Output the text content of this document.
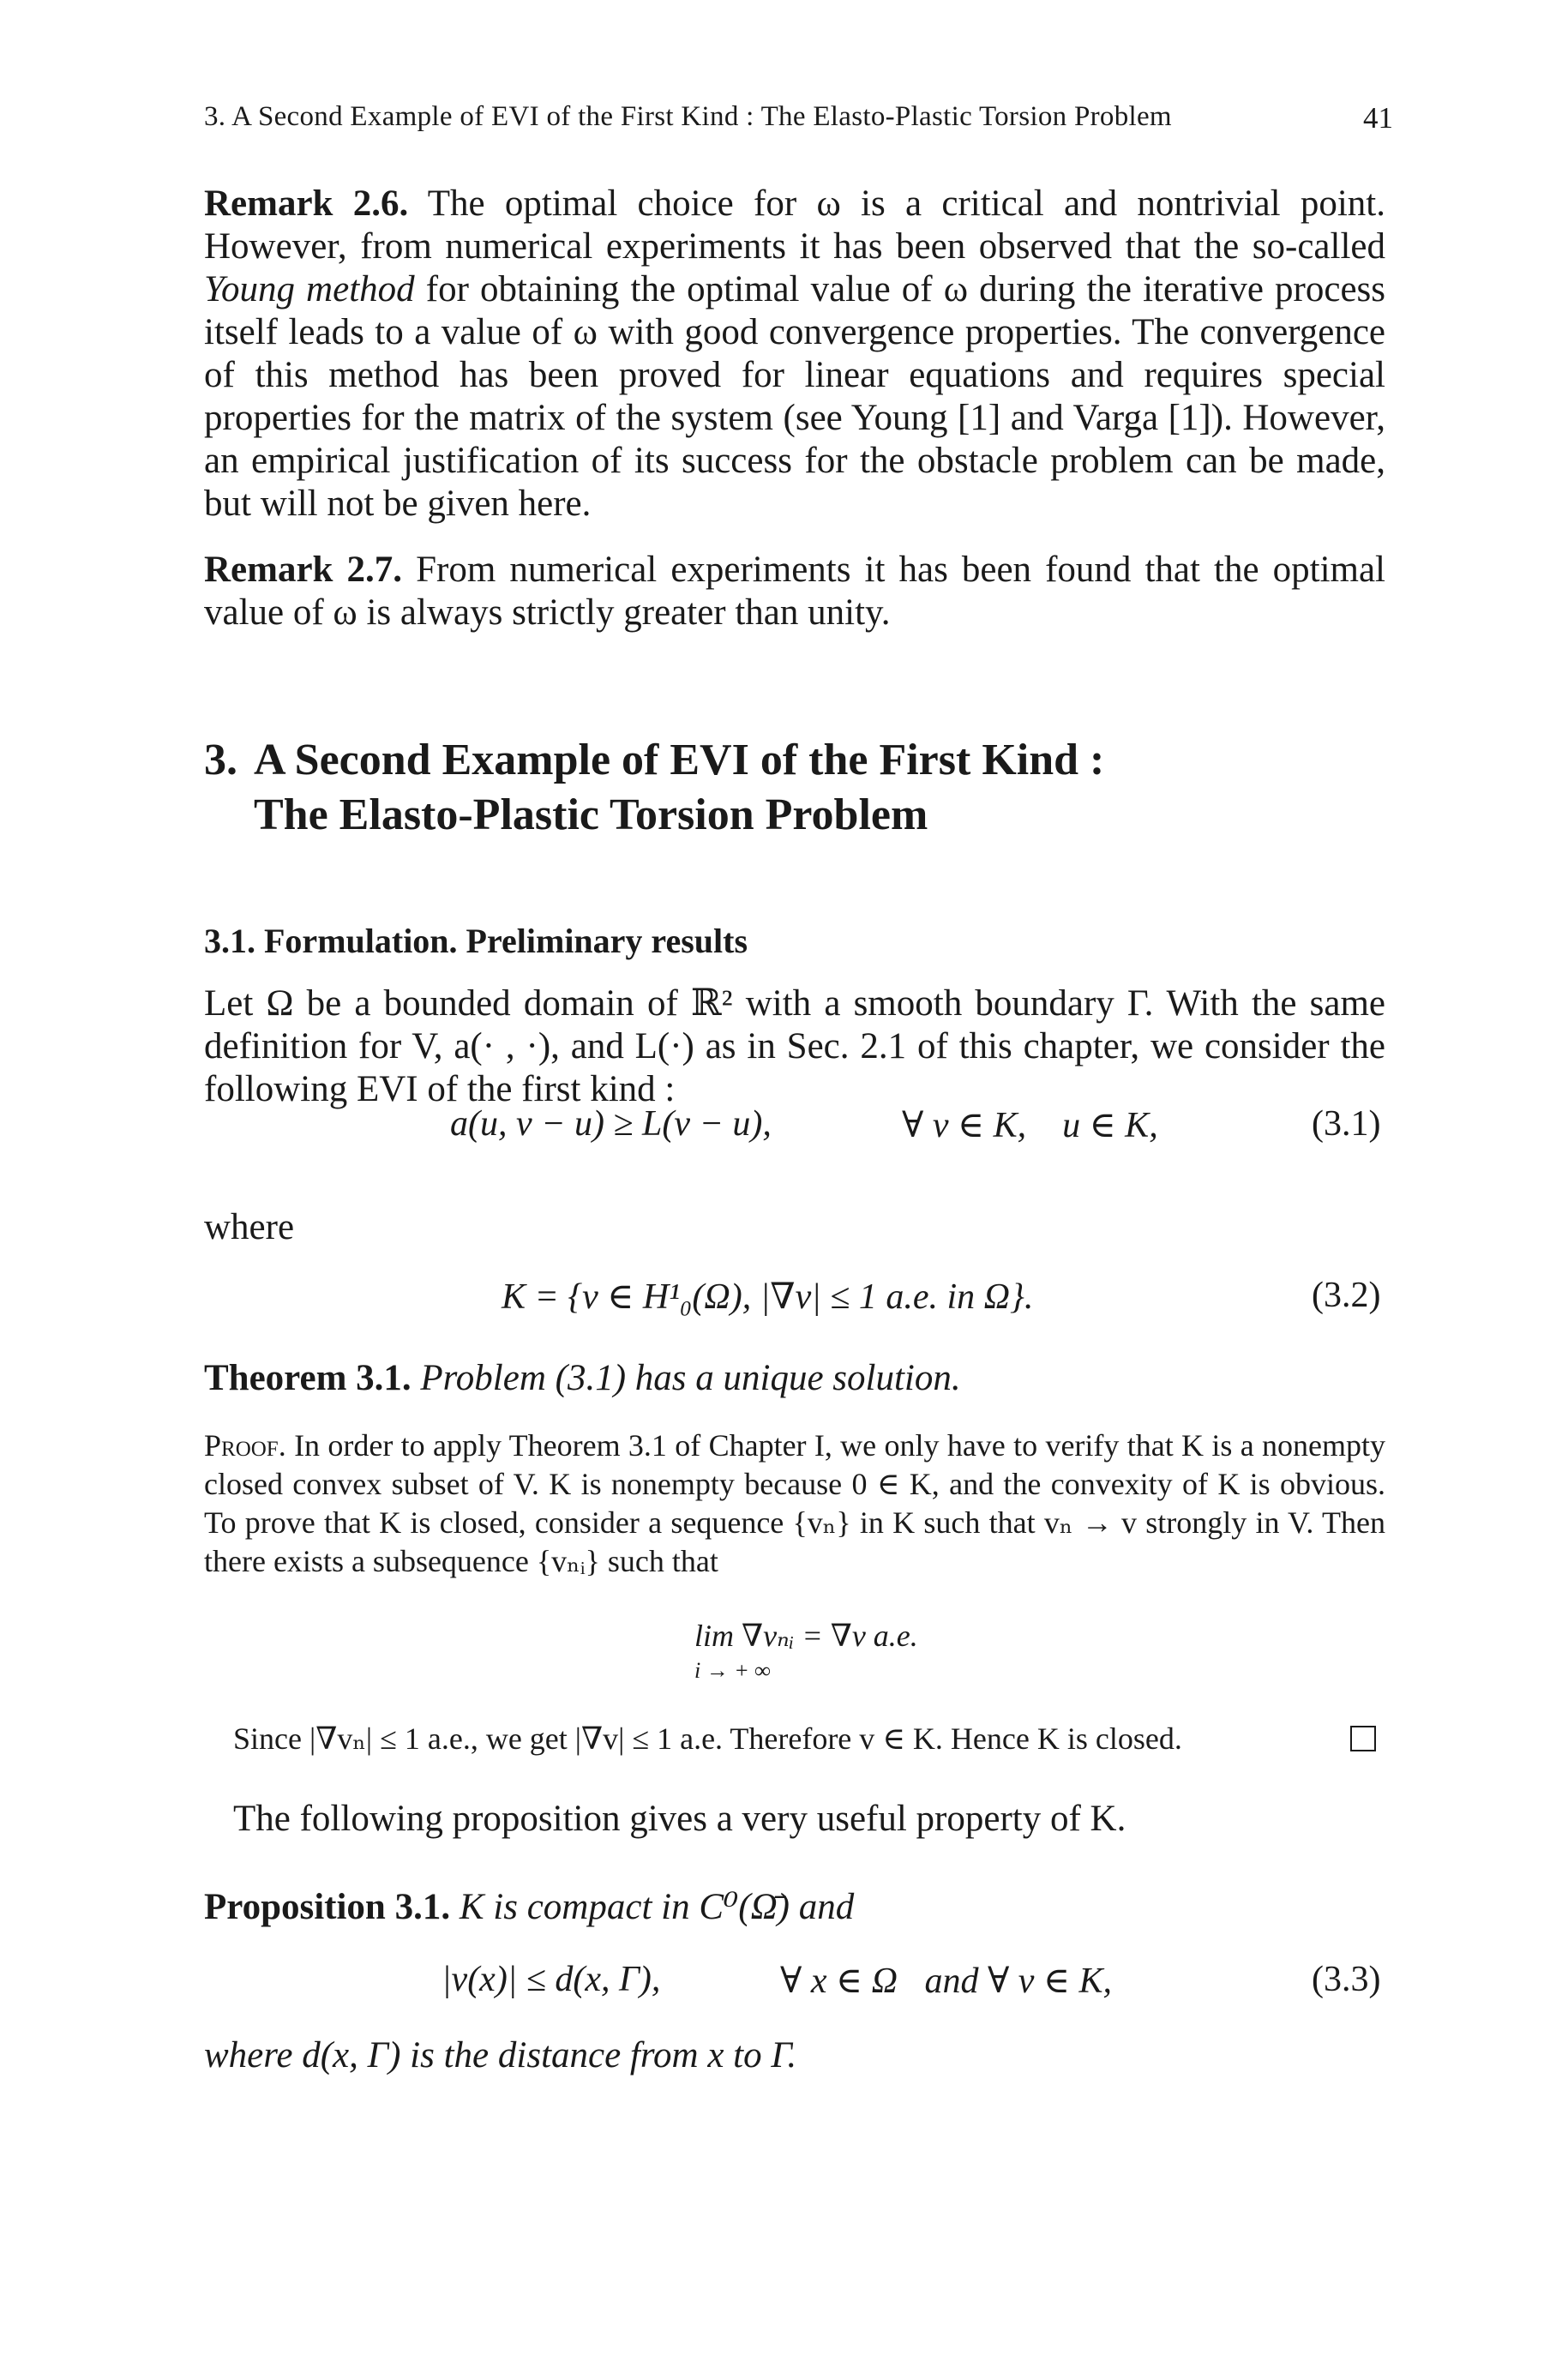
3. A Second Example of EVI of the First Kind : The Elasto-Plastic Torsion Problem	41
Remark 2.6. The optimal choice for ω is a critical and nontrivial point. However, from numerical experiments it has been observed that the so-called Young method for obtaining the optimal value of ω during the iterative process itself leads to a value of ω with good convergence properties. The convergence of this method has been proved for linear equations and requires special properties for the matrix of the system (see Young [1] and Varga [1]). However, an empirical justification of its success for the obstacle problem can be made, but will not be given here.
Remark 2.7. From numerical experiments it has been found that the optimal value of ω is always strictly greater than unity.
3. A Second Example of EVI of the First Kind :
The Elasto-Plastic Torsion Problem
3.1. Formulation. Preliminary results
Let Ω be a bounded domain of ℝ² with a smooth boundary Γ. With the same definition for V, a(· , ·), and L(·) as in Sec. 2.1 of this chapter, we consider the following EVI of the first kind :
a(u, v − u) ≥ L(v − u),	∀ v ∈ K,    u ∈ K,	(3.1)
where
K = {v ∈ H¹₀(Ω), |∇v| ≤ 1 a.e. in Ω}.	(3.2)
Theorem 3.1. Problem (3.1) has a unique solution.
Proof. In order to apply Theorem 3.1 of Chapter I, we only have to verify that K is a nonempty closed convex subset of V. K is nonempty because 0 ∈ K, and the convexity of K is obvious. To prove that K is closed, consider a sequence {vₙ} in K such that vₙ → v strongly in V. Then there exists a subsequence {vₙᵢ} such that
lim ∇vₙᵢ = ∇v a.e.
i → + ∞
Since |∇vₙ| ≤ 1 a.e., we get |∇v| ≤ 1 a.e. Therefore v ∈ K. Hence K is closed.
The following proposition gives a very useful property of K.
Proposition 3.1. K is compact in C⁰(Ω̄) and
|v(x)| ≤ d(x, Γ),	∀ x ∈ Ω   and ∀ v ∈ K,	(3.3)
where d(x, Γ) is the distance from x to Γ.
